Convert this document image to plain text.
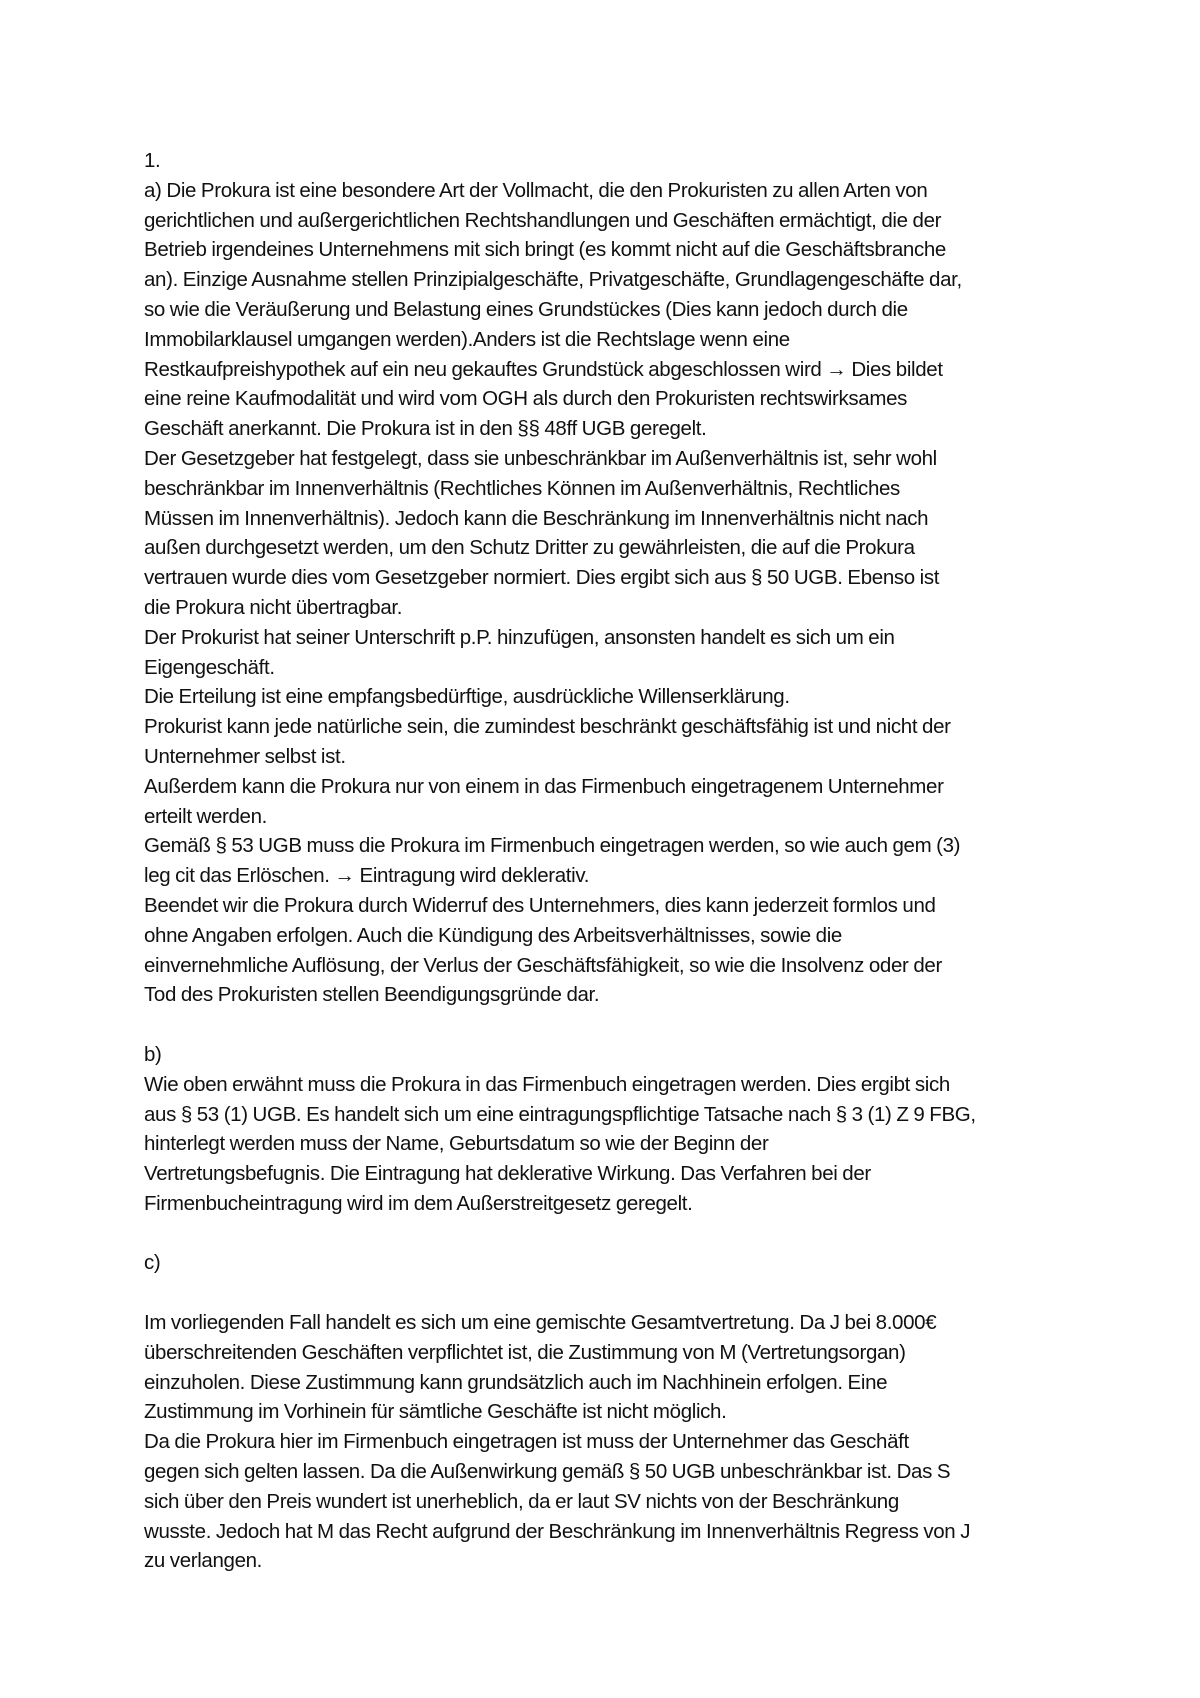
1.
a) Die Prokura ist eine besondere Art der Vollmacht, die den Prokuristen zu allen Arten von
gerichtlichen und außergerichtlichen Rechtshandlungen und Geschäften ermächtigt, die der
Betrieb irgendeines Unternehmens mit sich bringt (es kommt nicht auf die Geschäftsbranche
an). Einzige Ausnahme stellen Prinzipialgeschäfte, Privatgeschäfte, Grundlagengeschäfte dar,
so wie die Veräußerung und Belastung eines Grundstückes (Dies kann jedoch durch die
Immobilarklausel umgangen werden).Anders ist die Rechtslage wenn eine
Restkaufpreishypothek auf ein neu gekauftes Grundstück abgeschlossen wird → Dies bildet
eine reine Kaufmodalität und wird vom OGH als durch den Prokuristen rechtswirksames
Geschäft anerkannt. Die Prokura ist in den §§ 48ff UGB geregelt.
Der Gesetzgeber hat festgelegt, dass sie unbeschränkbar im Außenverhältnis ist, sehr wohl
beschränkbar im Innenverhältnis (Rechtliches Können im Außenverhältnis, Rechtliches
Müssen im Innenverhältnis). Jedoch kann die Beschränkung im Innenverhältnis nicht nach
außen durchgesetzt werden, um den Schutz Dritter zu gewährleisten, die auf die Prokura
vertrauen wurde dies vom Gesetzgeber normiert. Dies ergibt sich aus § 50 UGB. Ebenso ist
die Prokura nicht übertragbar.
Der Prokurist hat seiner Unterschrift p.P. hinzufügen, ansonsten handelt es sich um ein
Eigengeschäft.
Die Erteilung ist eine empfangsbedürftige, ausdrückliche Willenserklärung.
Prokurist kann jede natürliche sein, die zumindest beschränkt geschäftsfähig ist und nicht der
Unternehmer selbst ist.
Außerdem kann die Prokura nur von einem in das Firmenbuch eingetragenem Unternehmer
erteilt werden.
Gemäß § 53 UGB muss die Prokura im Firmenbuch eingetragen werden, so wie auch gem (3)
leg cit das Erlöschen. → Eintragung wird deklerativ.
Beendet wir die Prokura durch Widerruf des Unternehmers, dies kann jederzeit formlos und
ohne Angaben erfolgen. Auch die Kündigung des Arbeitsverhältnisses, sowie die
einvernehmliche Auflösung, der Verlus der Geschäftsfähigkeit, so wie die Insolvenz oder der
Tod des Prokuristen stellen Beendigungsgründe dar.
b)
Wie oben erwähnt muss die Prokura in das Firmenbuch eingetragen werden. Dies ergibt sich
aus § 53 (1) UGB. Es handelt sich um eine eintragungspflichtige Tatsache nach § 3 (1) Z 9 FBG,
hinterlegt werden muss der Name, Geburtsdatum so wie der Beginn der
Vertretungsbefugnis. Die Eintragung hat deklerative Wirkung. Das Verfahren bei der
Firmenbucheintragung wird im dem Außerstreitgesetz geregelt.
c)
Im vorliegenden Fall handelt es sich um eine gemischte Gesamtvertretung. Da J bei 8.000€
überschreitenden Geschäften verpflichtet ist, die Zustimmung von M (Vertretungsorgan)
einzuholen. Diese Zustimmung kann grundsätzlich auch im Nachhinein erfolgen. Eine
Zustimmung im Vorhinein für sämtliche Geschäfte ist nicht möglich.
Da die Prokura hier im Firmenbuch eingetragen ist muss der Unternehmer das Geschäft
gegen sich gelten lassen. Da die Außenwirkung gemäß § 50 UGB unbeschränkbar ist. Das S
sich über den Preis wundert ist unerheblich, da er laut SV nichts von der Beschränkung
wusste. Jedoch hat M das Recht aufgrund der Beschränkung im Innenverhältnis Regress von J
zu verlangen.
